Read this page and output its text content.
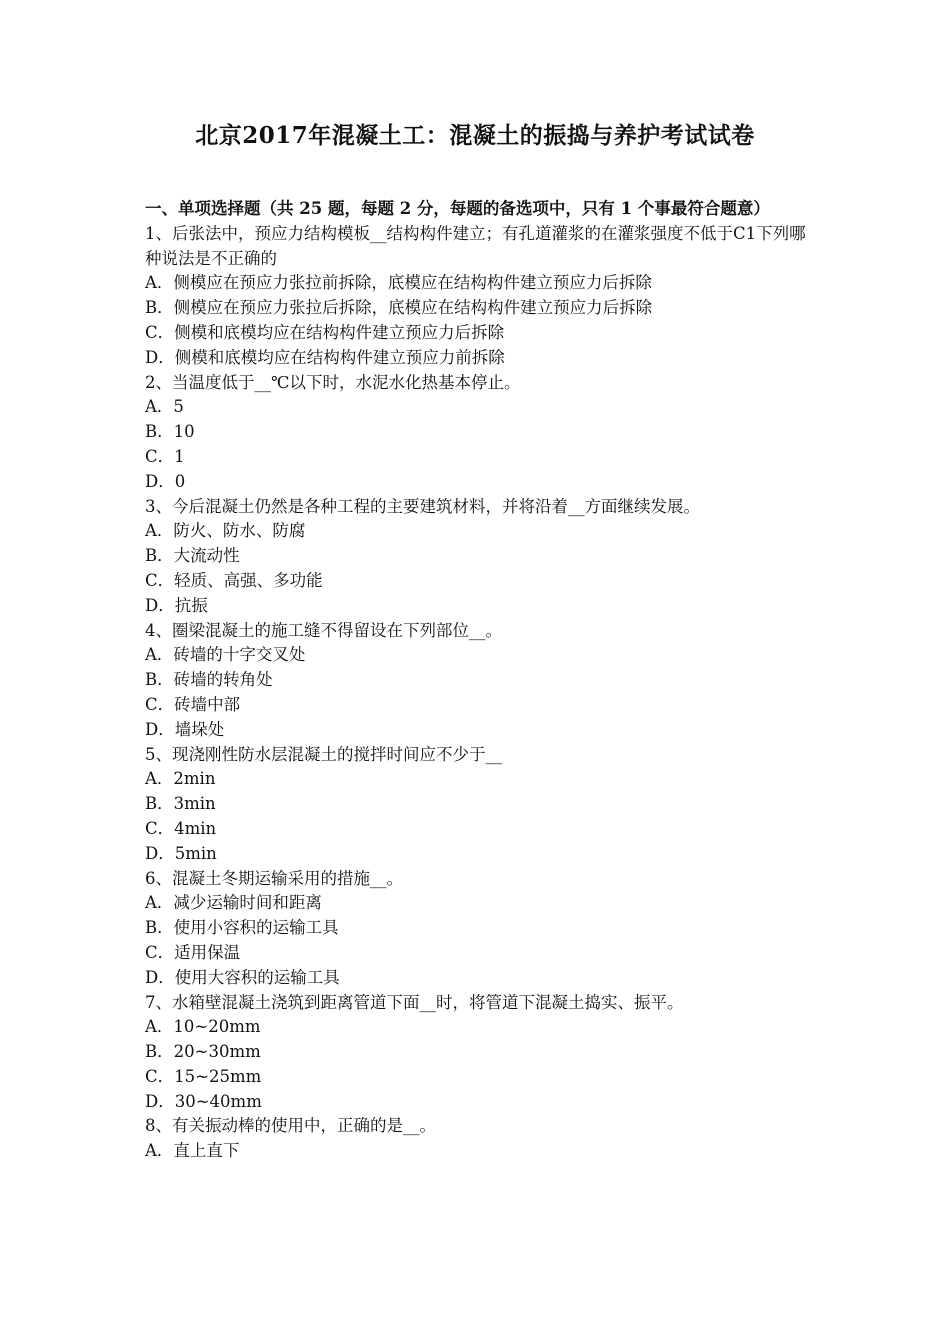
北京2017年混凝土工：混凝土的振捣与养护考试试卷

一、单项选择题（共 25 题，每题 2 分，每题的备选项中，只有 1 个事最符合题意）

1、后张法中，预应力结构模板__结构构件建立；有孔道灌浆的在灌浆强度不低于C1下列哪种说法是不正确的

A．侧模应在预应力张拉前拆除，底模应在结构构件建立预应力后拆除

B．侧模应在预应力张拉后拆除，底模应在结构构件建立预应力后拆除

C．侧模和底模均应在结构构件建立预应力后拆除

D．侧模和底模均应在结构构件建立预应力前拆除

2、当温度低于__℃以下时，水泥水化热基本停止。

A．5

B．10

C．1

D．0

3、今后混凝土仍然是各种工程的主要建筑材料，并将沿着__方面继续发展。

A．防火、防水、防腐

B．大流动性

C．轻质、高强、多功能

D．抗振

4、圈梁混凝土的施工缝不得留设在下列部位__。

A．砖墙的十字交叉处

B．砖墙的转角处

C．砖墙中部

D．墙垛处

5、现浇刚性防水层混凝土的搅拌时间应不少于__

A．2min

B．3min

C．4min

D．5min

6、混凝土冬期运输采用的措施__。

A．减少运输时间和距离

B．使用小容积的运输工具

C．适用保温

D．使用大容积的运输工具

7、水箱壁混凝土浇筑到距离管道下面__时，将管道下混凝土捣实、振平。

A．10~20mm

B．20~30mm

C．15~25mm

D．30~40mm

8、有关振动棒的使用中，正确的是__。

A．直上直下
